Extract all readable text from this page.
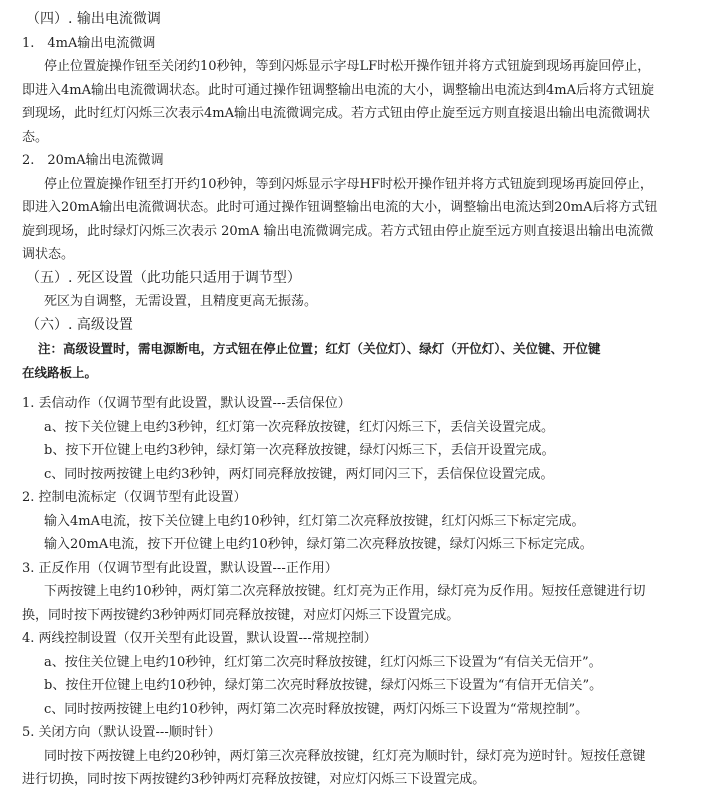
（四）. 输出电流微调
1.　4mA输出电流微调
停止位置旋操作钮至关闭约10秒钟，等到闪烁显示字母LF时松开操作钮并将方式钮旋到现场再旋回停止，
即进入4mA输出电流微调状态。此时可通过操作钮调整输出电流的大小，调整输出电流达到4mA后将方式钮旋
到现场，此时红灯闪烁三次表示4mA输出电流微调完成。若方式钮由停止旋至远方则直接退出输出电流微调状
态。
2.　20mA输出电流微调
停止位置旋操作钮至打开约10秒钟，等到闪烁显示字母HF时松开操作钮并将方式钮旋到现场再旋回停止，
即进入20mA输出电流微调状态。此时可通过操作钮调整输出电流的大小，调整输出电流达到20mA后将方式钮
旋到现场，此时绿灯闪烁三次表示 20mA 输出电流微调完成。若方式钮由停止旋至远方则直接退出输出电流微
调状态。
（五）. 死区设置（此功能只适用于调节型）
死区为自调整，无需设置，且精度更高无振荡。
（六）. 高级设置
注：高级设置时，需电源断电，方式钮在停止位置；红灯（关位灯）、绿灯（开位灯）、关位键、开位键
在线路板上。
1. 丢信动作（仅调节型有此设置，默认设置---丢信保位）
a、按下关位键上电约3秒钟，红灯第一次亮释放按键，红灯闪烁三下，丢信关设置完成。
b、按下开位键上电约3秒钟，绿灯第一次亮释放按键，绿灯闪烁三下，丢信开设置完成。
c、同时按两按键上电约3秒钟，两灯同亮释放按键，两灯同闪三下，丢信保位设置完成。
2. 控制电流标定（仅调节型有此设置）
输入4mA电流，按下关位键上电约10秒钟，红灯第二次亮释放按键，红灯闪烁三下标定完成。
输入20mA电流，按下开位键上电约10秒钟，绿灯第二次亮释放按键，绿灯闪烁三下标定完成。
3. 正反作用（仅调节型有此设置，默认设置---正作用）
下两按键上电约10秒钟，两灯第二次亮释放按键。红灯亮为正作用，绿灯亮为反作用。短按任意键进行切
换，同时按下两按键约3秒钟两灯同亮释放按键，对应灯闪烁三下设置完成。
4. 两线控制设置（仅开关型有此设置，默认设置---常规控制）
a、按住关位键上电约10秒钟，红灯第二次亮时释放按键，红灯闪烁三下设置为“有信关无信开”。
b、按住开位键上电约10秒钟，绿灯第二次亮时释放按键，绿灯闪烁三下设置为“有信开无信关”。
c、同时按两按键上电约10秒钟，两灯第二次亮时释放按键，两灯闪烁三下设置为“常规控制”。
5. 关闭方向（默认设置---顺时针）
同时按下两按键上电约20秒钟，两灯第三次亮释放按键，红灯亮为顺时针，绿灯亮为逆时针。短按任意键
进行切换，同时按下两按键约3秒钟两灯亮释放按键，对应灯闪烁三下设置完成。
